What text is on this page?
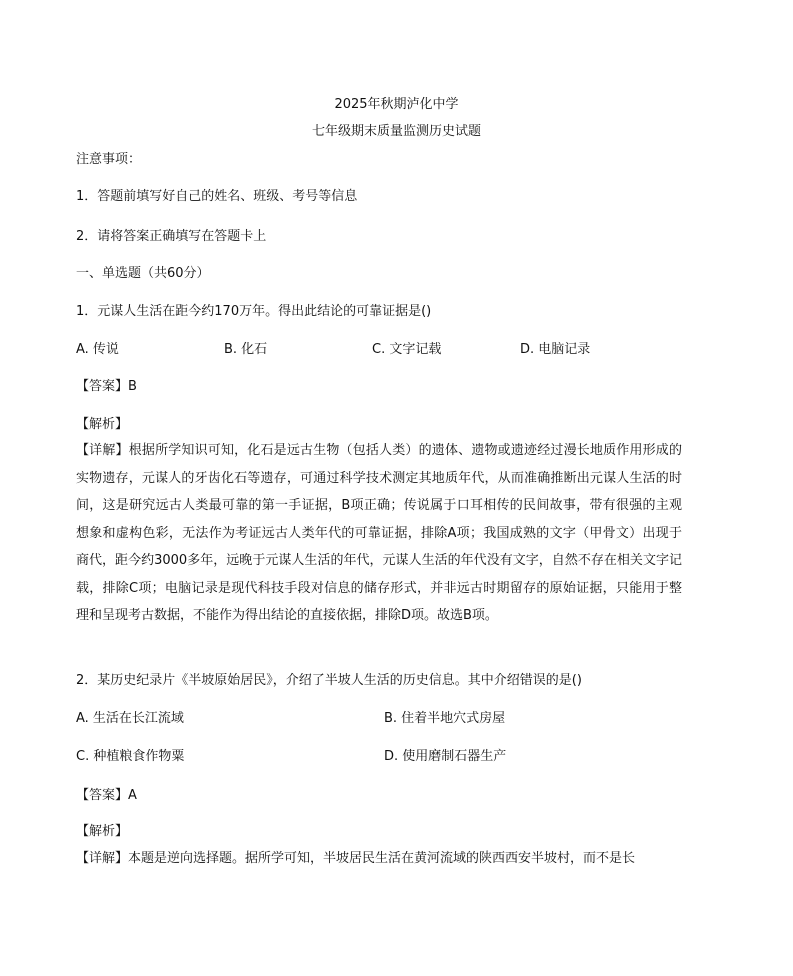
2025年秋期泸化中学
七年级期末质量监测历史试题
注意事项：
1．答题前填写好自己的姓名、班级、考号等信息
2．请将答案正确填写在答题卡上
一、单选题（共60分）
1．元谋人生活在距今约170万年。得出此结论的可靠证据是()
A. 传说	B. 化石	C. 文字记载	D. 电脑记录
【答案】B
【解析】
【详解】根据所学知识可知，化石是远古生物（包括人类）的遗体、遗物或遗迹经过漫长地质作用形成的实物遗存，元谋人的牙齿化石等遗存，可通过科学技术测定其地质年代，从而准确推断出元谋人生活的时间，这是研究远古人类最可靠的第一手证据，B项正确；传说属于口耳相传的民间故事，带有很强的主观想象和虚构色彩，无法作为考证远古人类年代的可靠证据，排除A项；我国成熟的文字（甲骨文）出现于商代，距今约3000多年，远晚于元谋人生活的年代，元谋人生活的年代没有文字，自然不存在相关文字记载，排除C项；电脑记录是现代科技手段对信息的储存形式，并非远古时期留存的原始证据，只能用于整理和呈现考古数据，不能作为得出结论的直接依据，排除D项。故选B项。
2．某历史纪录片《半坡原始居民》，介绍了半坡人生活的历史信息。其中介绍错误的是()
A. 生活在长江流域	B. 住着半地穴式房屋
C. 种植粮食作物粟	D. 使用磨制石器生产
【答案】A
【解析】
【详解】本题是逆向选择题。据所学可知，半坡居民生活在黄河流域的陕西西安半坡村，而不是长
